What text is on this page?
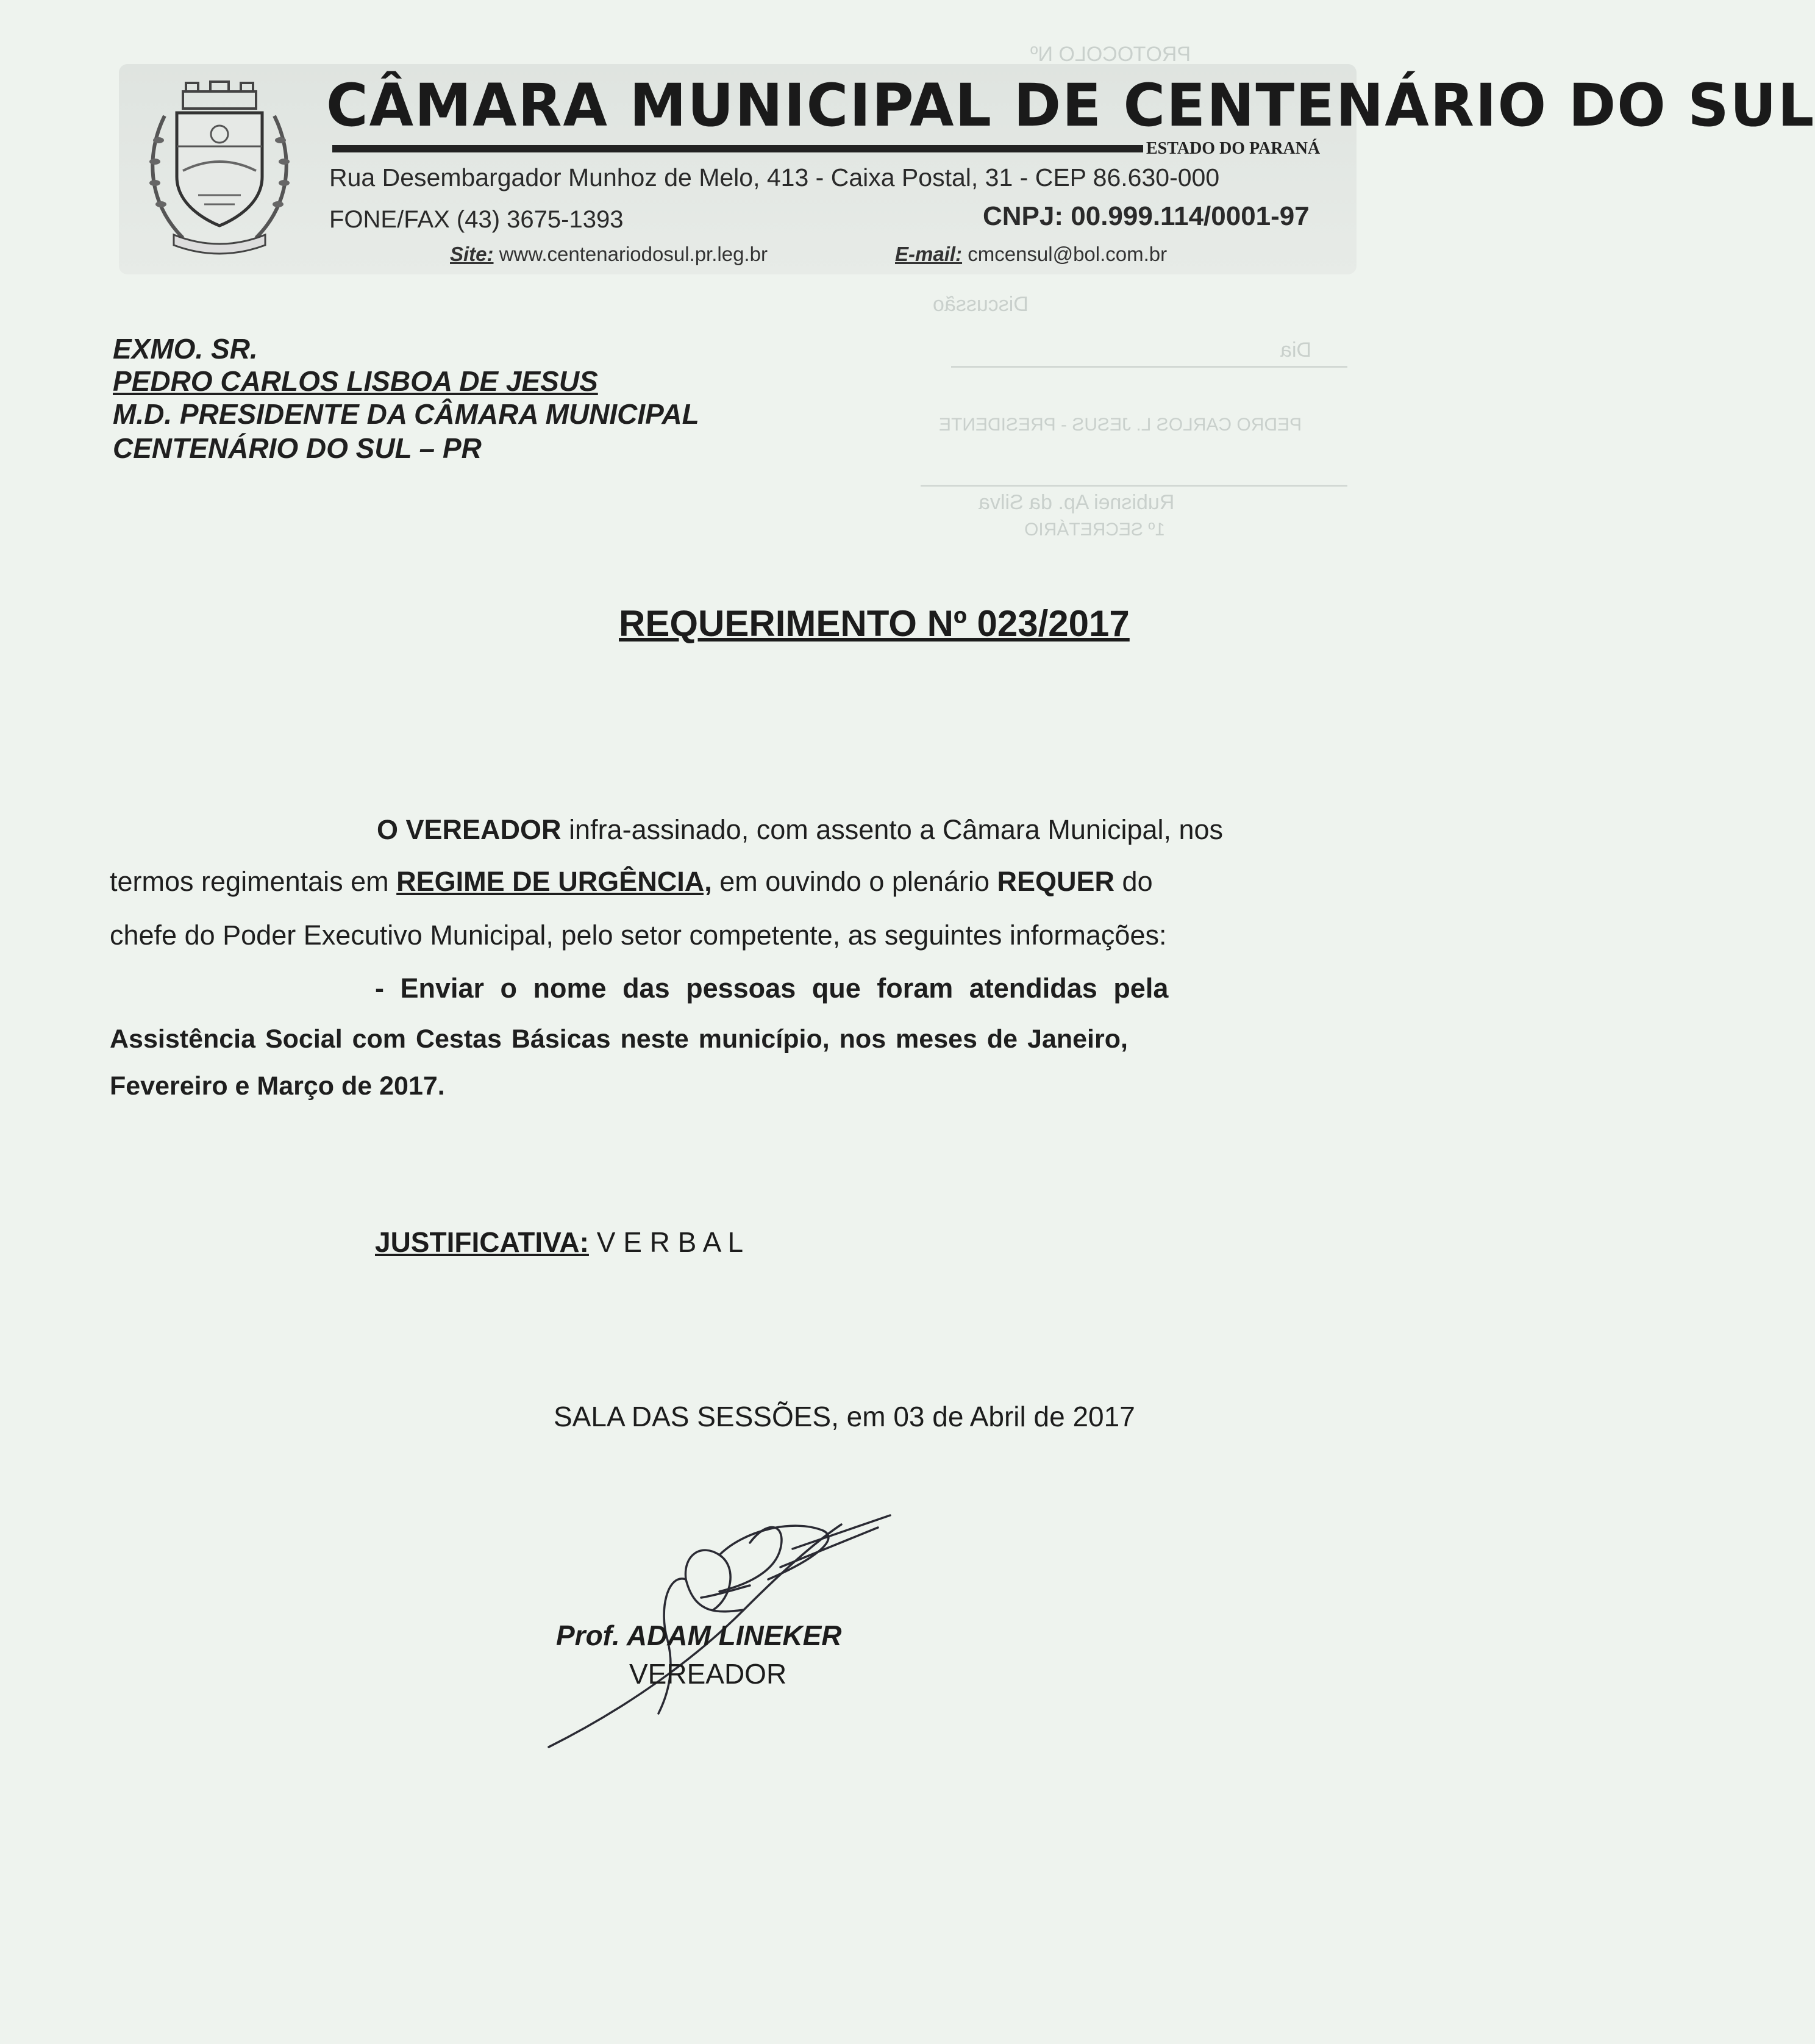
CÂMARA MUNICIPAL DE CENTENÁRIO DO SUL
ESTADO DO PARANÁ
Rua Desembargador Munhoz de Melo, 413 - Caixa Postal, 31 - CEP 86.630-000
FONE/FAX (43) 3675-1393	CNPJ: 00.999.114/0001-97
Site: www.centenariodosul.pr.leg.br	E-mail: cmcensul@bol.com.br
PROTOCOLO Nº
Discussão
Dia
PEDRO CARLOS L. JESUS - PRESIDENTE
Rubisnei Ap. da Silva
1º SECRETÁRIO
EXMO. SR.
PEDRO CARLOS LISBOA DE JESUS
M.D. PRESIDENTE DA CÂMARA MUNICIPAL
CENTENÁRIO DO SUL – PR
REQUERIMENTO Nº 023/2017
O VEREADOR infra-assinado, com assento a Câmara Municipal, nos
termos regimentais em REGIME DE URGÊNCIA, em ouvindo o plenário REQUER do
chefe do Poder Executivo Municipal, pelo setor competente, as seguintes informações:
- Enviar o nome das pessoas que foram atendidas pela
Assistência Social com Cestas Básicas neste município, nos meses de Janeiro,
Fevereiro e Março de 2017.
JUSTIFICATIVA: V E R B A L
SALA DAS SESSÕES, em 03 de Abril de 2017
Prof. ADAM LINEKER
VEREADOR
